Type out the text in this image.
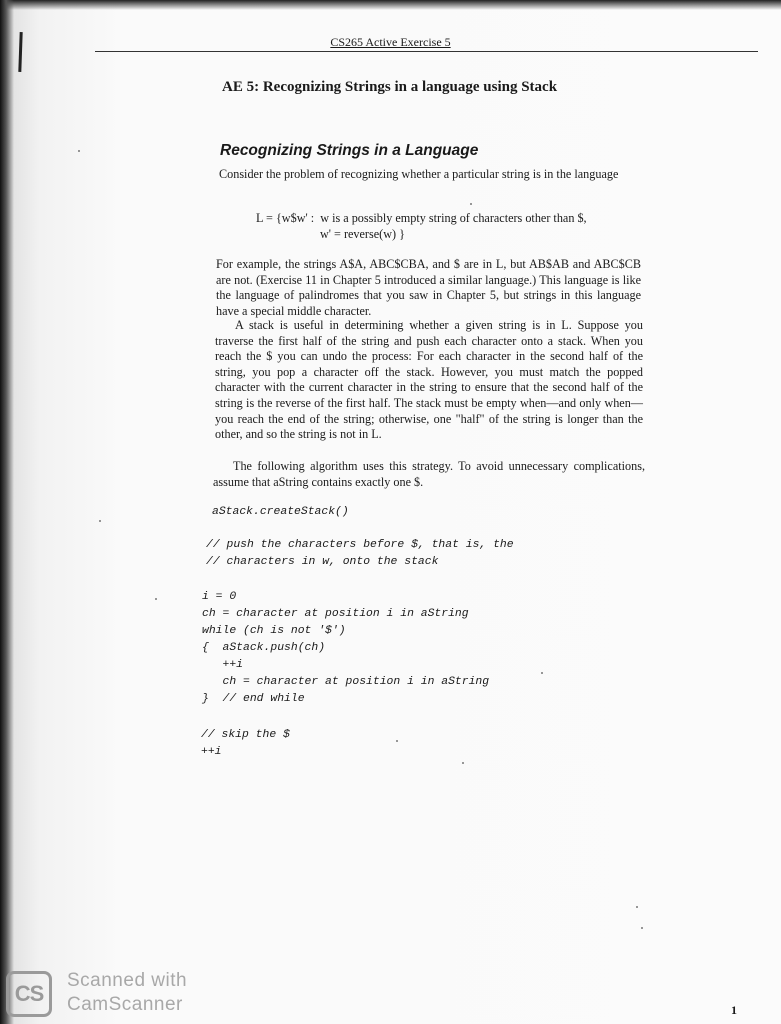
CS265 Active Exercise 5
AE 5: Recognizing Strings in a language using Stack
Recognizing Strings in a Language

Consider the problem of recognizing whether a particular string is in the language

L = {w$w' :  w is a possibly empty string of characters other than $,
w' = reverse(w) }

For example, the strings A$A, ABC$CBA, and $ are in L, but AB$AB and ABC$CB are not. (Exercise 11 in Chapter 5 introduced a similar language.) This language is like the language of palindromes that you saw in Chapter 5, but strings in this language have a special middle character.

A stack is useful in determining whether a given string is in L. Suppose you traverse the first half of the string and push each character onto a stack. When you reach the $ you can undo the process: For each character in the second half of the string, you pop a character off the stack. However, you must match the popped character with the current character in the string to ensure that the second half of the string is the reverse of the first half. The stack must be empty when—and only when—you reach the end of the string; otherwise, one "half" of the string is longer than the other, and so the string is not in L.

The following algorithm uses this strategy. To avoid unnecessary complications, assume that aString contains exactly one $.

aStack.createStack()
// push the characters before $, that is, the
// characters in w, onto the stack
i = 0
ch = character at position i in aString
while (ch is not '$')
{  aStack.push(ch)
++i
ch = character at position i in aString
}  // end while
// skip the $
++i
1
CS
Scanned with
CamScanner
